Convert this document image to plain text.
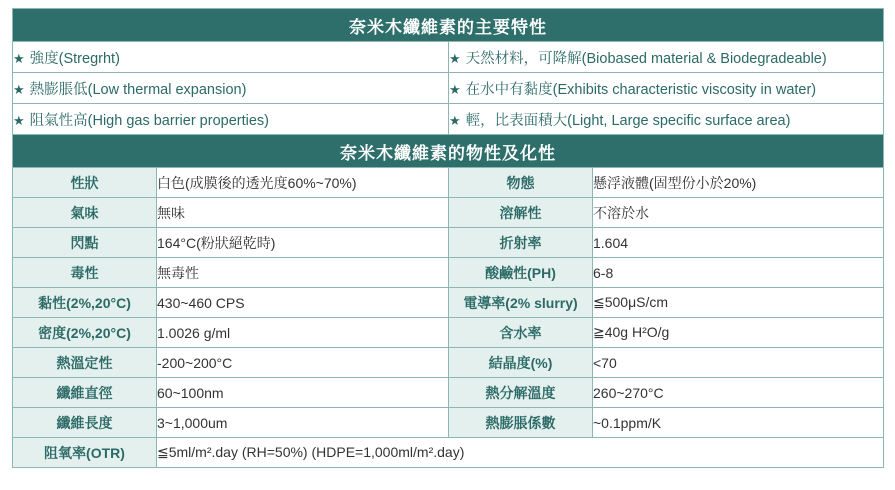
奈米木纖維素的主要特性			
★ 強度(Stregrht)		★ 天然材料，可降解(Biobased material & Biodegradeable)	
★ 熱膨脹低(Low thermal expansion)		★ 在水中有黏度(Exhibits characteristic viscosity in water)	
★ 阻氣性高(High gas barrier properties)		★ 輕，比表面積大(Light, Large specific surface area)	
奈米木纖維素的物性及化性			
性狀	白色(成膜後的透光度60%~70%)	物態	懸浮液體(固型份小於20%)
氣味	無味	溶解性	不溶於水
閃點	164°C(粉狀絕乾時)	折射率	1.604
毒性	無毒性	酸鹼性(PH)	6-8
黏性(2%,20°C)	430~460 CPS	電導率(2% slurry)	≦500μS/cm
密度(2%,20°C)	1.0026 g/ml	含水率	≧40g H²O/g
熱溫定性	-200~200°C	結晶度(%)	<70
纖維直徑	60~100nm	熱分解溫度	260~270°C
纖維長度	3~1,000um	熱膨脹係數	~0.1ppm/K
阻氧率(OTR)	≦5ml/m².day (RH=50%) (HDPE=1,000ml/m².day)		
